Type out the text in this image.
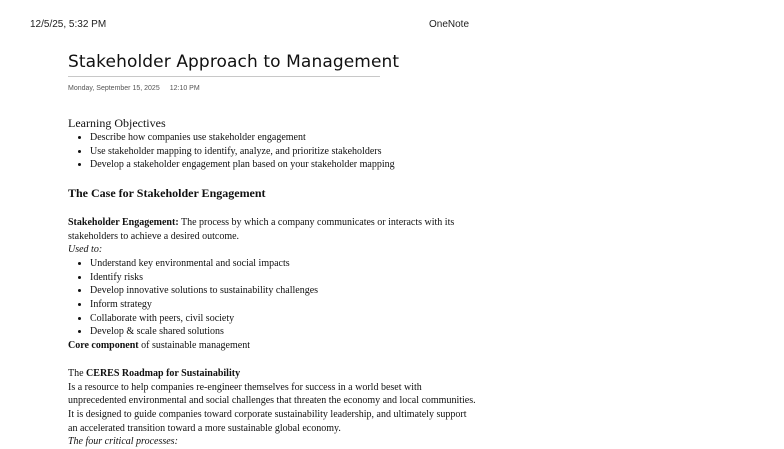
12/5/25, 5:32 PM	OneNote
Stakeholder Approach to Management
Monday, September 15, 2025 12:10 PM
Learning Objectives
• Describe how companies use stakeholder engagement
• Use stakeholder mapping to identify, analyze, and prioritize stakeholders
• Develop a stakeholder engagement plan based on your stakeholder mapping
The Case for Stakeholder Engagement
Stakeholder Engagement: The process by which a company communicates or interacts with its stakeholders to achieve a desired outcome.
Used to:
• Understand key environmental and social impacts
• Identify risks
• Develop innovative solutions to sustainability challenges
• Inform strategy
• Collaborate with peers, civil society
• Develop & scale shared solutions
Core component of sustainable management
The CERES Roadmap for Sustainability
Is a resource to help companies re-engineer themselves for success in a world beset with unprecedented environmental and social challenges that threaten the economy and local communities. It is designed to guide companies toward corporate sustainability leadership, and ultimately support an accelerated transition toward a more sustainable global economy.
The four critical processes:
